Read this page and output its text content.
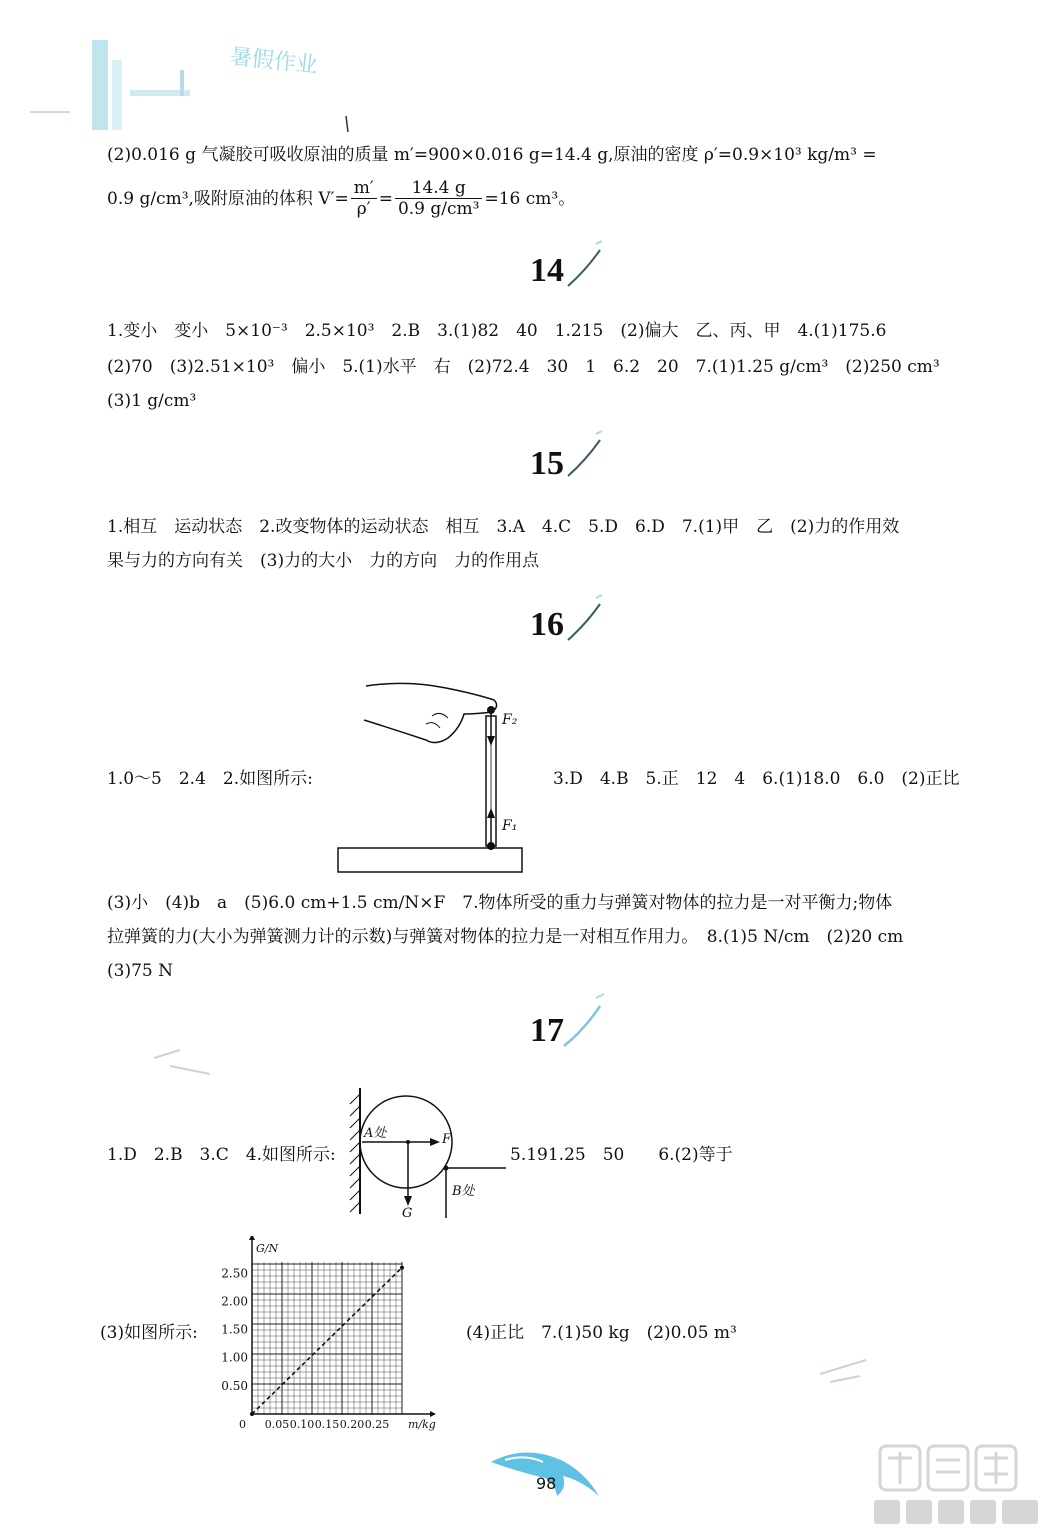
暑假作业
(2)0.016 g 气凝胶可吸收原油的质量 m′=900×0.016 g=14.4 g,原油的密度 ρ′=0.9×10³ kg/m³ =
0.9 g/cm³,吸附原油的体积 $V'= \frac{m'}{\rho'} = \frac{14.4 g}{\text{0.9 g/cm³}} =16$ cm³。
14
1.变小　变小　5×10⁻³　2.5×10³　2.B　3.(1)82　40　1.215　(2)偏大　乙、丙、甲　4.(1)175.6
(2)70　(3)2.51×10³　偏小　5.(1)水平　右　(2)72.4　30　1　6.2　20　7.(1)1.25 g/cm³　(2)250 cm³
(3)1 g/cm³
15
1.相互　运动状态　2.改变物体的运动状态　相互　3.A　4.C　5.D　6.D　7.(1)甲　乙　(2)力的作用效
果与力的方向有关　(3)力的大小　力的方向　力的作用点
16
1.0～5　2.4　2.如图所示:
F₂
F₁
3.D　4.B　5.正　12　4　6.(1)18.0　6.0　(2)正比
(3)小　(4)b　a　(5)6.0 cm+1.5 cm/N×F　7.物体所受的重力与弹簧对物体的拉力是一对平衡力;物体
拉弹簧的力(大小为弹簧测力计的示数)与弹簧对物体的拉力是一对相互作用力。　8.(1)5 N/cm　(2)20 cm
(3)75 N
17
1.D　2.B　3.C　4.如图所示:
A处	F
G
B处
5.191.25　50　　6.(2)等于
(3)如图所示:
0.05 0.10 0.15 0.20 0.25
0.50
1.00
1.50
2.00
2.50
0	m/kg
G/N
(4)正比　7.(1)50 kg　(2)0.05 m³
98
